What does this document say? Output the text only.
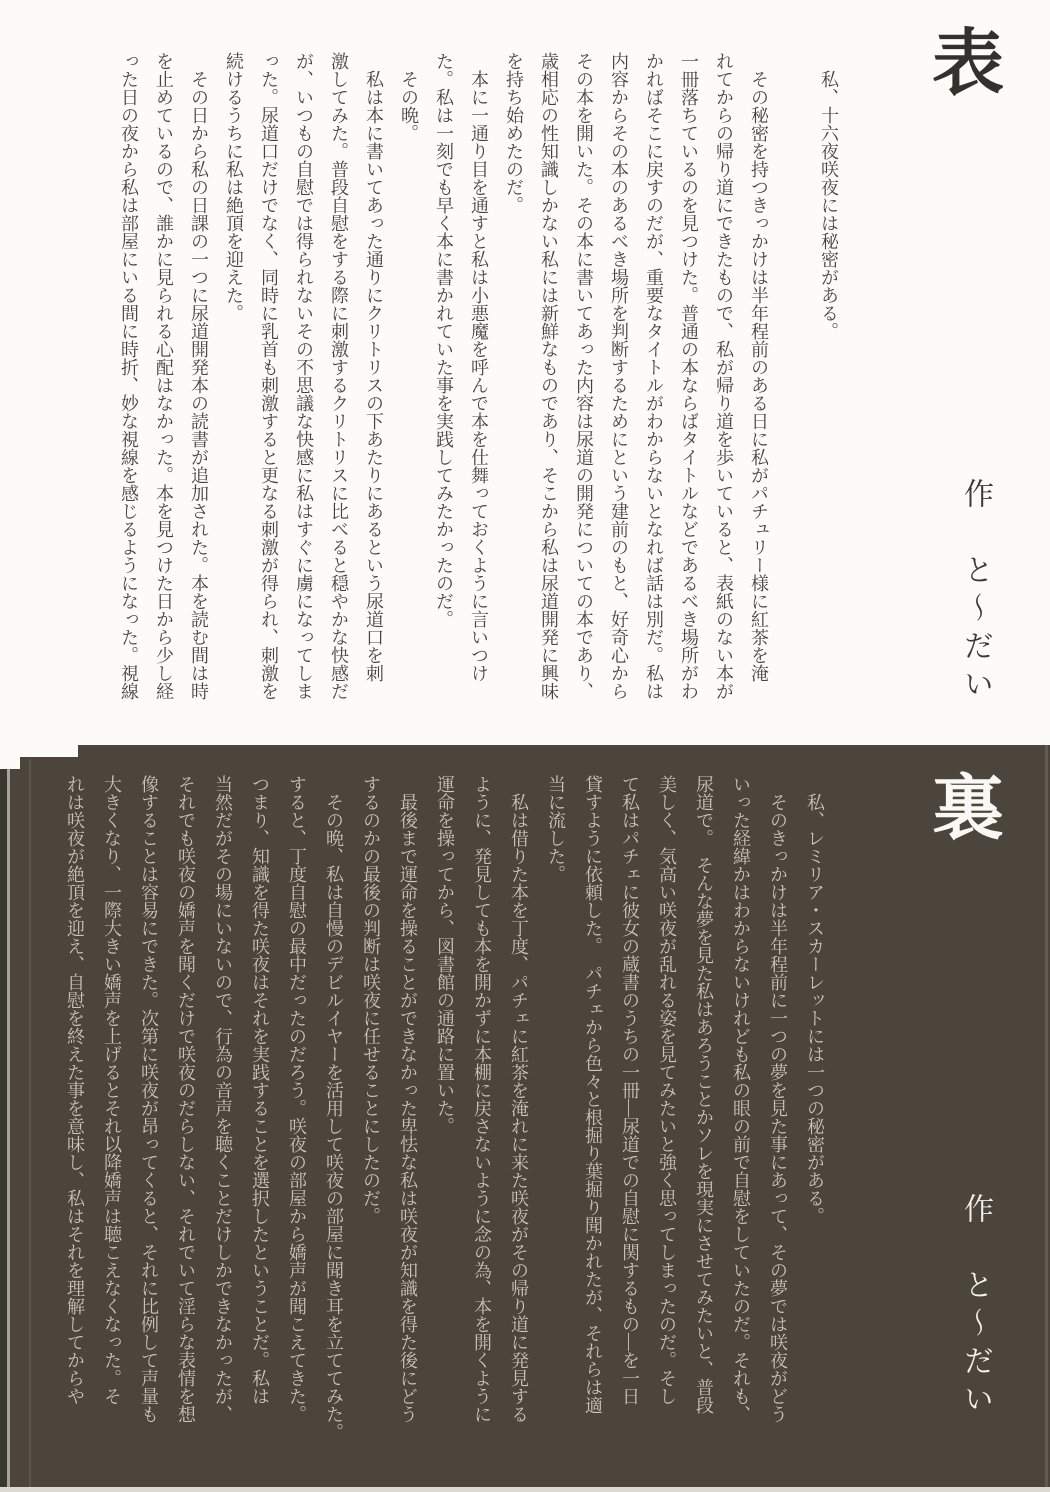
表
作　と～だい
　私、十六夜咲夜には秘密がある。
　その秘密を持つきっかけは半年程前のある日に私がパチュリー様に紅茶を淹
れてからの帰り道にできたもので、私が帰り道を歩いていると、表紙のない本が
一冊落ちているのを見つけた。普通の本ならばタイトルなどであるべき場所がわ
かればそこに戻すのだが、重要なタイトルがわからないとなれば話は別だ。私は
内容からその本のあるべき場所を判断するためにという建前のもと、好奇心から
その本を開いた。その本に書いてあった内容は尿道の開発についての本であり、
歳相応の性知識しかない私には新鮮なものであり、そこから私は尿道開発に興味
を持ち始めたのだ。
　本に一通り目を通すと私は小悪魔を呼んで本を仕舞っておくように言いつけ
た。私は一刻でも早く本に書かれていた事を実践してみたかったのだ。
　その晩。
　私は本に書いてあった通りにクリトリスの下あたりにあるという尿道口を刺
激してみた。普段自慰をする際に刺激するクリトリスに比べると穏やかな快感だ
が、いつもの自慰では得られないその不思議な快感に私はすぐに虜になってしま
った。尿道口だけでなく、同時に乳首も刺激すると更なる刺激が得られ、刺激を
続けるうちに私は絶頂を迎えた。
　その日から私の日課の一つに尿道開発本の読書が追加された。本を読む間は時
を止めているので、誰かに見られる心配はなかった。本を見つけた日から少し経
った日の夜から私は部屋にいる間に時折、妙な視線を感じるようになった。視線
裏
作　と～だい
　私、レミリア・スカーレットには一つの秘密がある。
　そのきっかけは半年程前に一つの夢を見た事にあって、その夢では咲夜がどう
いった経緯かはわからないけれども私の眼の前で自慰をしていたのだ。それも、
尿道で。　そんな夢を見た私はあろうことかソレを現実にさせてみたいと、普段
美しく、気高い咲夜が乱れる姿を見てみたいと強く思ってしまったのだ。そし
て私はパチェに彼女の蔵書のうちの一冊―尿道での自慰に関するもの―を一日
貸すように依頼した。　パチェから色々と根掘り葉掘り聞かれたが、それらは適
当に流した。
　私は借りた本を丁度、パチェに紅茶を淹れに来た咲夜がその帰り道に発見する
ように、発見しても本を開かずに本棚に戻さないように念の為、本を開くように
運命を操ってから、図書館の通路に置いた。
　最後まで運命を操ることができなかった卑怯な私は咲夜が知識を得た後にどう
するのかの最後の判断は咲夜に任せることにしたのだ。
　その晩、私は自慢のデビルイヤーを活用して咲夜の部屋に聞き耳を立ててみた。
すると、丁度自慰の最中だったのだろう。咲夜の部屋から嬌声が聞こえてきた。
つまり、知識を得た咲夜はそれを実践することを選択したということだ。私は
当然だがその場にいないので、行為の音声を聴くことだけしかできなかったが、
それでも咲夜の嬌声を聞くだけで咲夜のだらしない、それでいて淫らな表情を想
像することは容易にできた。次第に咲夜が昂ってくると、それに比例して声量も
大きくなり、一際大きい嬌声を上げるとそれ以降嬌声は聴こえなくなった。そ
れは咲夜が絶頂を迎え、自慰を終えた事を意味し、私はそれを理解してからや
